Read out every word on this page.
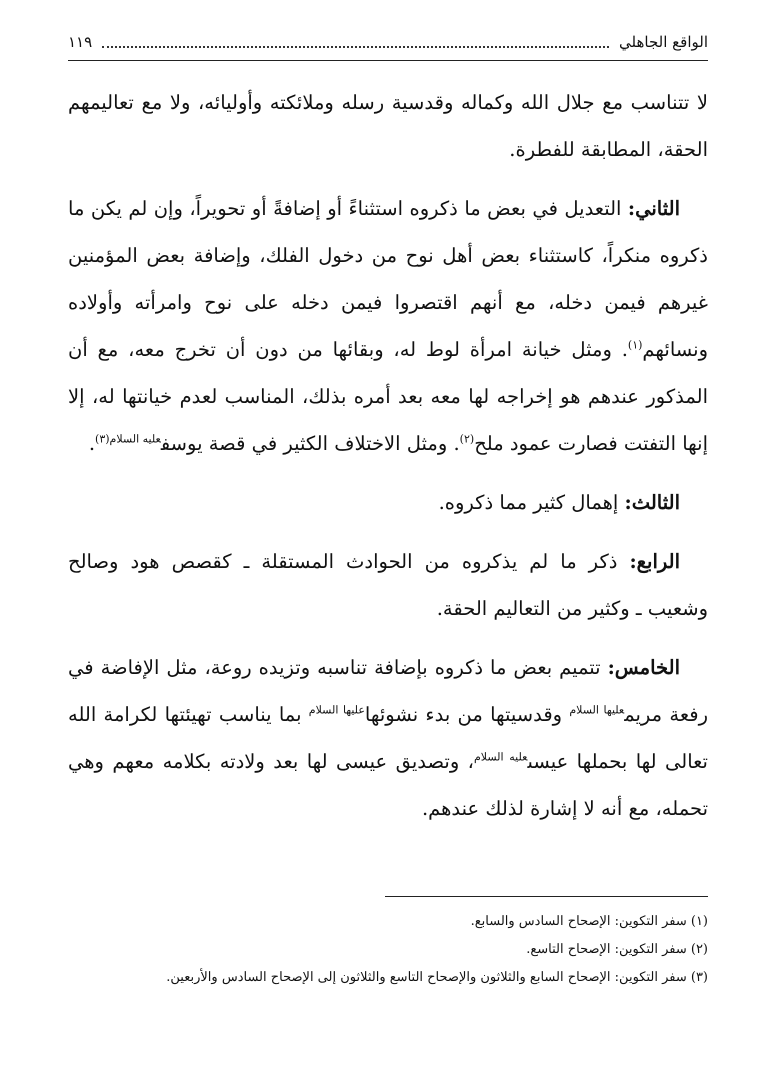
الواقع الجاهلي
١١٩

لا تتناسب مع جلال الله وكماله وقدسية رسله وملائكته وأوليائه، ولا مع تعاليمهم الحقة، المطابقة للفطرة.

الثاني: التعديل في بعض ما ذكروه استثناءً أو إضافةً أو تحويراً، وإن لم يكن ما ذكروه منكراً، كاستثناء بعض أهل نوح من دخول الفلك، وإضافة بعض المؤمنين غيرهم فيمن دخله، مع أنهم اقتصروا فيمن دخله على نوح وامرأته وأولاده ونسائهم$^{(١)}$. ومثل خيانة امرأة لوط له، وبقائها من دون أن تخرج معه، مع أن المذكور عندهم هو إخراجه لها معه بعد أمره بذلك، المناسب لعدم خيانتها له، إلا إنها التفتت فصارت عمود ملح$^{(٢)}$. ومثل الاختلاف الكثير في قصة يوسف$^{عليه السلام(٣)}$.

الثالث: إهمال كثير مما ذكروه.

الرابع: ذكر ما لم يذكروه من الحوادث المستقلة ـ كقصص هود وصالح وشعيب ـ وكثير من التعاليم الحقة.

الخامس: تتميم بعض ما ذكروه بإضافة تناسبه وتزيده روعة، مثل الإفاضة في رفعة مريم$^{عليها السلام}$ وقدسيتها من بدء نشوئها$^{عليها السلام}$ بما يناسب تهيئتها لكرامة الله تعالى لها بحملها عيسى$^{عليه السلام}$، وتصديق عيسى لها بعد ولادته بكلامه معهم وهي تحمله، مع أنه لا إشارة لذلك عندهم.

(١) سفر التكوين: الإصحاح السادس والسابع.

(٢) سفر التكوين: الإصحاح التاسع.

(٣) سفر التكوين: الإصحاح السابع والثلاثون والإصحاح التاسع والثلاثون إلى الإصحاح السادس والأربعين.
